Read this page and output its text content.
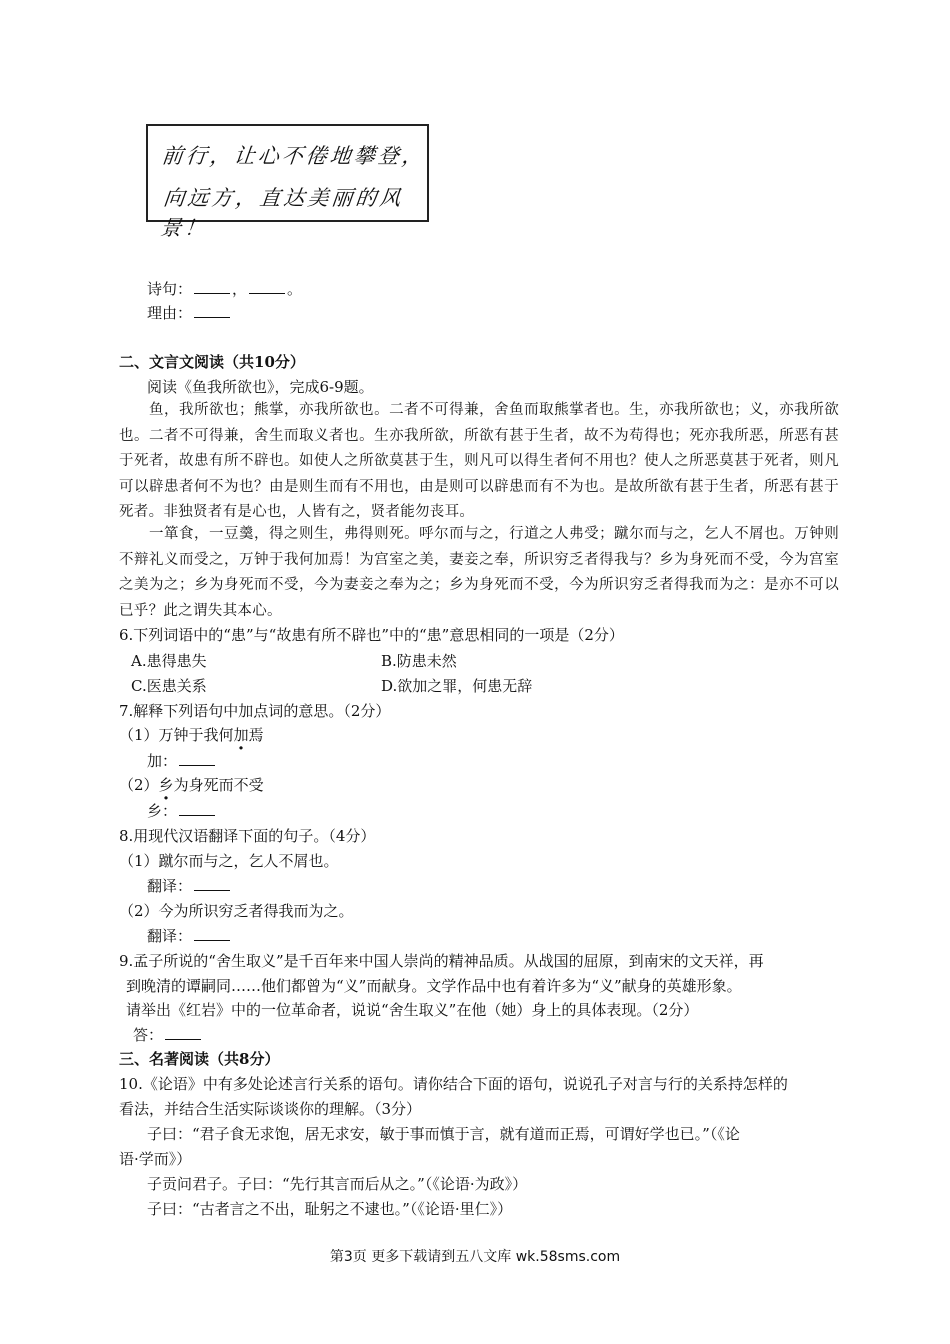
前行，让心不倦地攀登，
向远方，直达美丽的风景！
诗句：	，	。
理由：
二、文言文阅读（共10分）
阅读《鱼我所欲也》，完成6-9题。
鱼，我所欲也；熊掌，亦我所欲也。二者不可得兼，舍鱼而取熊掌者也。生，亦我所欲也；义，亦我所欲也。二者不可得兼，舍生而取义者也。生亦我所欲，所欲有甚于生者，故不为苟得也；死亦我所恶，所恶有甚于死者，故患有所不辟也。如使人之所欲莫甚于生，则凡可以得生者何不用也？使人之所恶莫甚于死者，则凡可以辟患者何不为也？由是则生而有不用也，由是则可以辟患而有不为也。是故所欲有甚于生者，所恶有甚于死者。非独贤者有是心也，人皆有之，贤者能勿丧耳。
一箪食，一豆羹，得之则生，弗得则死。呼尔而与之，行道之人弗受；蹴尔而与之，乞人不屑也。万钟则不辩礼义而受之，万钟于我何加焉！为宫室之美，妻妾之奉，所识穷乏者得我与？乡为身死而不受，今为宫室之美为之；乡为身死而不受，今为妻妾之奉为之；乡为身死而不受，今为所识穷乏者得我而为之：是亦不可以已乎？此之谓失其本心。
6.下列词语中的“患”与“故患有所不辟也”中的“患”意思相同的一项是（2分）
A.患得患失	B.防患未然
C.医患关系	D.欲加之罪，何患无辞
7.解释下列语句中加点词的意思。（2分）
（1）万钟于我何加焉
加：
（2）乡为身死而不受
乡：
8.用现代汉语翻译下面的句子。（4分）
（1）蹴尔而与之，乞人不屑也。
翻译：
（2）今为所识穷乏者得我而为之。
翻译：
9.孟子所说的“舍生取义”是千百年来中国人崇尚的精神品质。从战国的屈原，到南宋的文天祥，再
到晚清的谭嗣同……他们都曾为“义”而献身。文学作品中也有着许多为“义”献身的英雄形象。
请举出《红岩》中的一位革命者，说说“舍生取义”在他（她）身上的具体表现。（2分）
答：
三、名著阅读（共8分）
10.《论语》中有多处论述言行关系的语句。请你结合下面的语句，说说孔子对言与行的关系持怎样的
看法，并结合生活实际谈谈你的理解。（3分）
子曰：“君子食无求饱，居无求安，敏于事而慎于言，就有道而正焉，可谓好学也已。”（《论
语·学而》）
子贡问君子。子曰：“先行其言而后从之。”（《论语·为政》）
子曰：“古者言之不出，耻躬之不逮也。”（《论语·里仁》）
第3页 更多下载请到五八文库 wk.58sms.com
